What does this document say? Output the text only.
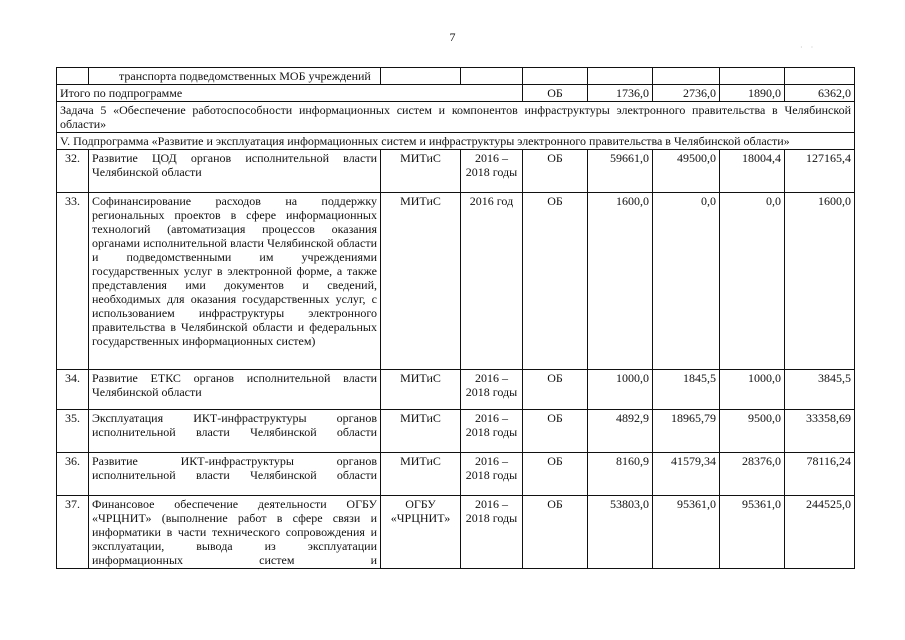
7
· ·
	транспорта подведомственных МОБ учреждений							
Итого по подпрограмме				ОБ	1736,0	2736,0	1890,0	6362,0
Задача 5 «Обеспечение работоспособности информационных систем и компонентов инфраструктуры электронного правительства в Челябинской области»								
V. Подпрограмма «Развитие и эксплуатация информационных систем и инфраструктуры электронного правительства в Челябинской области»								
32.	Развитие ЦОД органов исполнительной власти Челябинской области	МИТиС	2016 – 2018 годы	ОБ	59661,0	49500,0	18004,4	127165,4
33.	Софинансирование расходов на поддержку региональных проектов в сфере информационных технологий (автоматизация процессов оказания органами исполнительной власти Челябинской области и подведомственными им учреждениями государственных услуг в электронной форме, а также представления ими документов и сведений, необходимых для оказания государственных услуг, с использованием инфраструктуры электронного правительства в Челябинской области и федеральных государственных информационных систем)	МИТиС	2016 год	ОБ	1600,0	0,0	0,0	1600,0
34.	Развитие ЕТКС органов исполнительной власти Челябинской области	МИТиС	2016 – 2018 годы	ОБ	1000,0	1845,5	1000,0	3845,5
35.	Эксплуатация ИКТ-инфраструктуры органов исполнительной власти Челябинской области	МИТиС	2016 – 2018 годы	ОБ	4892,9	18965,79	9500,0	33358,69
36.	Развитие ИКТ-инфраструктуры органов исполнительной власти Челябинской области	МИТиС	2016 – 2018 годы	ОБ	8160,9	41579,34	28376,0	78116,24
37.	Финансовое обеспечение деятельности ОГБУ «ЧРЦНИТ» (выполнение работ в сфере связи и информатики в части технического сопровождения и эксплуатации, вывода из эксплуатации информационных систем и	ОГБУ «ЧРЦНИТ»	2016 – 2018 годы	ОБ	53803,0	95361,0	95361,0	244525,0
